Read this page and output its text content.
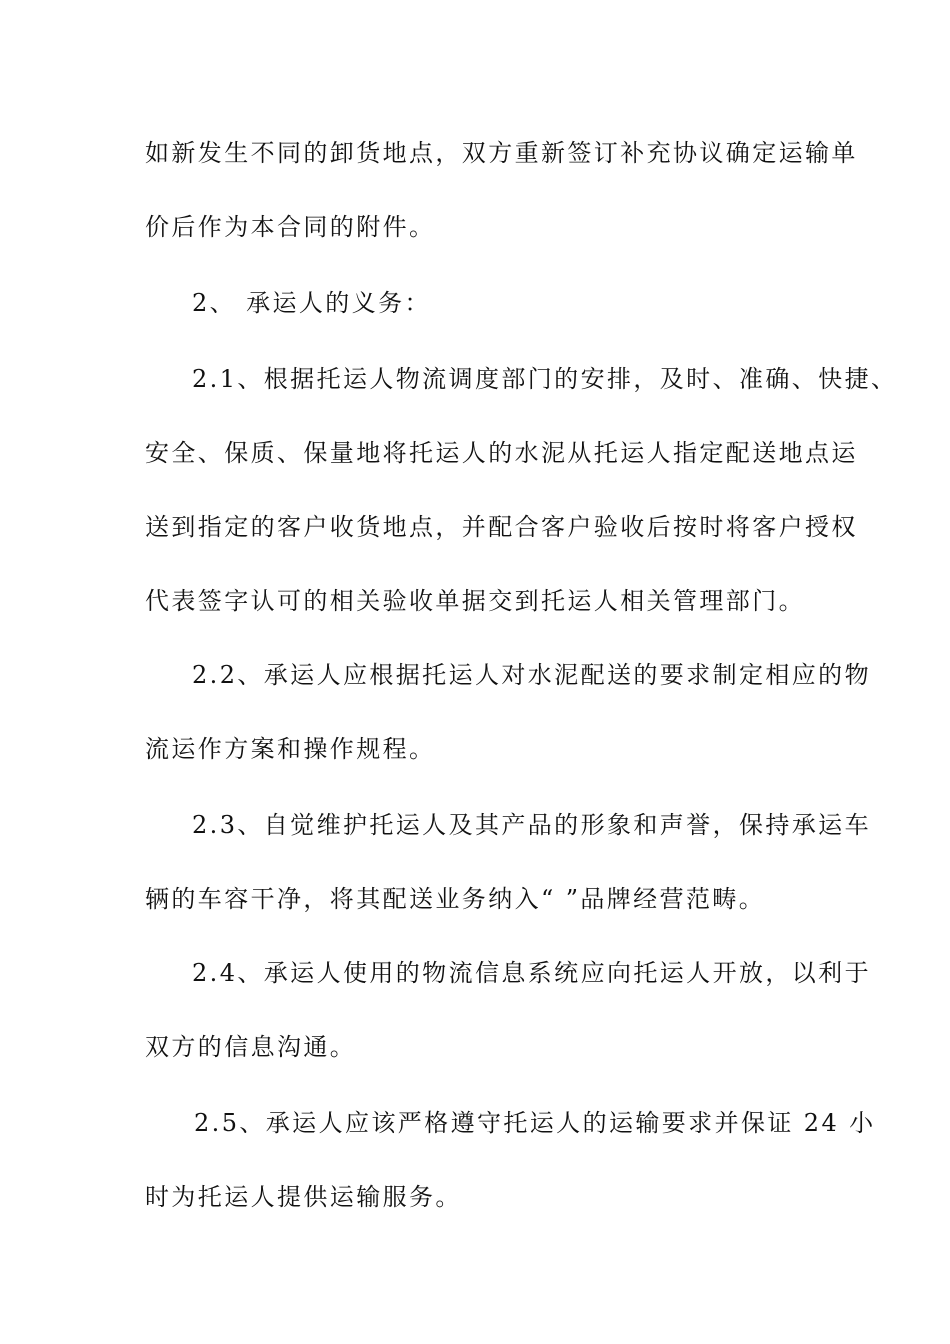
如新发生不同的卸货地点，双方重新签订补充协议确定运输单
价后作为本合同的附件。
2、 承运人的义务：
2.1、根据托运人物流调度部门的安排，及时、准确、快捷、
安全、保质、保量地将托运人的水泥从托运人指定配送地点运
送到指定的客户收货地点，并配合客户验收后按时将客户授权
代表签字认可的相关验收单据交到托运人相关管理部门。
2.2、承运人应根据托运人对水泥配送的要求制定相应的物
流运作方案和操作规程。
2.3、自觉维护托运人及其产品的形象和声誉，保持承运车
辆的车容干净，将其配送业务纳入“ ”品牌经营范畴。
2.4、承运人使用的物流信息系统应向托运人开放，以利于
双方的信息沟通。
2.5、承运人应该严格遵守托运人的运输要求并保证 24 小
时为托运人提供运输服务。
